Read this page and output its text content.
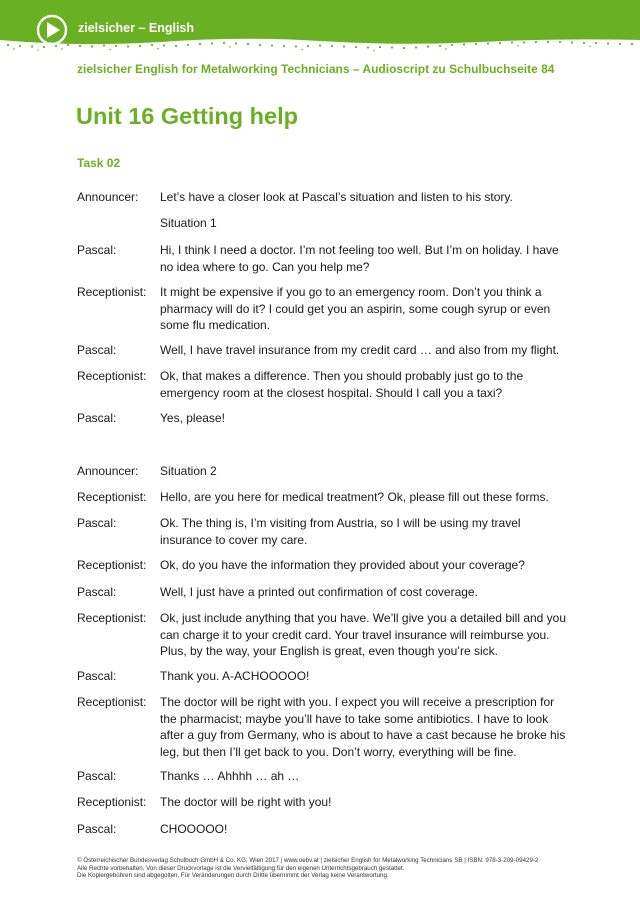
zielsicher – English
zielsicher English for Metalworking Technicians – Audioscript zu Schulbuchseite 84
Unit 16 Getting help
Task 02
Announcer:	Let’s have a closer look at Pascal’s situation and listen to his story.
Situation 1
Pascal:	Hi, I think I need a doctor. I’m not feeling too well. But I’m on holiday. I have no idea where to go. Can you help me?
Receptionist:	It might be expensive if you go to an emergency room. Don’t you think a pharmacy will do it? I could get you an aspirin, some cough syrup or even some flu medication.
Pascal:	Well, I have travel insurance from my credit card … and also from my flight.
Receptionist:	Ok, that makes a difference. Then you should probably just go to the emergency room at the closest hospital. Should I call you a taxi?
Pascal:	Yes, please!
Announcer:	Situation 2
Receptionist:	Hello, are you here for medical treatment? Ok, please fill out these forms.
Pascal:	Ok. The thing is, I’m visiting from Austria, so I will be using my travel insurance to cover my care.
Receptionist:	Ok, do you have the information they provided about your coverage?
Pascal:	Well, I just have a printed out confirmation of cost coverage.
Receptionist:	Ok, just include anything that you have. We’ll give you a detailed bill and you can charge it to your credit card. Your travel insurance will reimburse you. Plus, by the way, your English is great, even though you’re sick.
Pascal:	Thank you. A-ACHOOOOO!
Receptionist:	The doctor will be right with you. I expect you will receive a prescription for the pharmacist; maybe you’ll have to take some antibiotics. I have to look after a guy from Germany, who is about to have a cast because he broke his leg, but then I’ll get back to you. Don’t worry, everything will be fine.
Pascal:	Thanks … Ahhhh … ah …
Receptionist:	The doctor will be right with you!
Pascal:	CHOOOOO!
© Österreichischer Bundesverlag Schulbuch GmbH & Co. KG, Wien 2017 | www.oebv.at | zielsicher English for Metalworking Technicians SB | ISBN: 978-3-209-09429-2
Alle Rechte vorbehalten. Von dieser Druckvorlage ist die Vervielfältigung für den eigenen Unterrichtsgebrauch gestattet.
Die Kopiergebühren sind abgegolten. Für Veränderungen durch Dritte übernimmt der Verlag keine Verantwortung.
